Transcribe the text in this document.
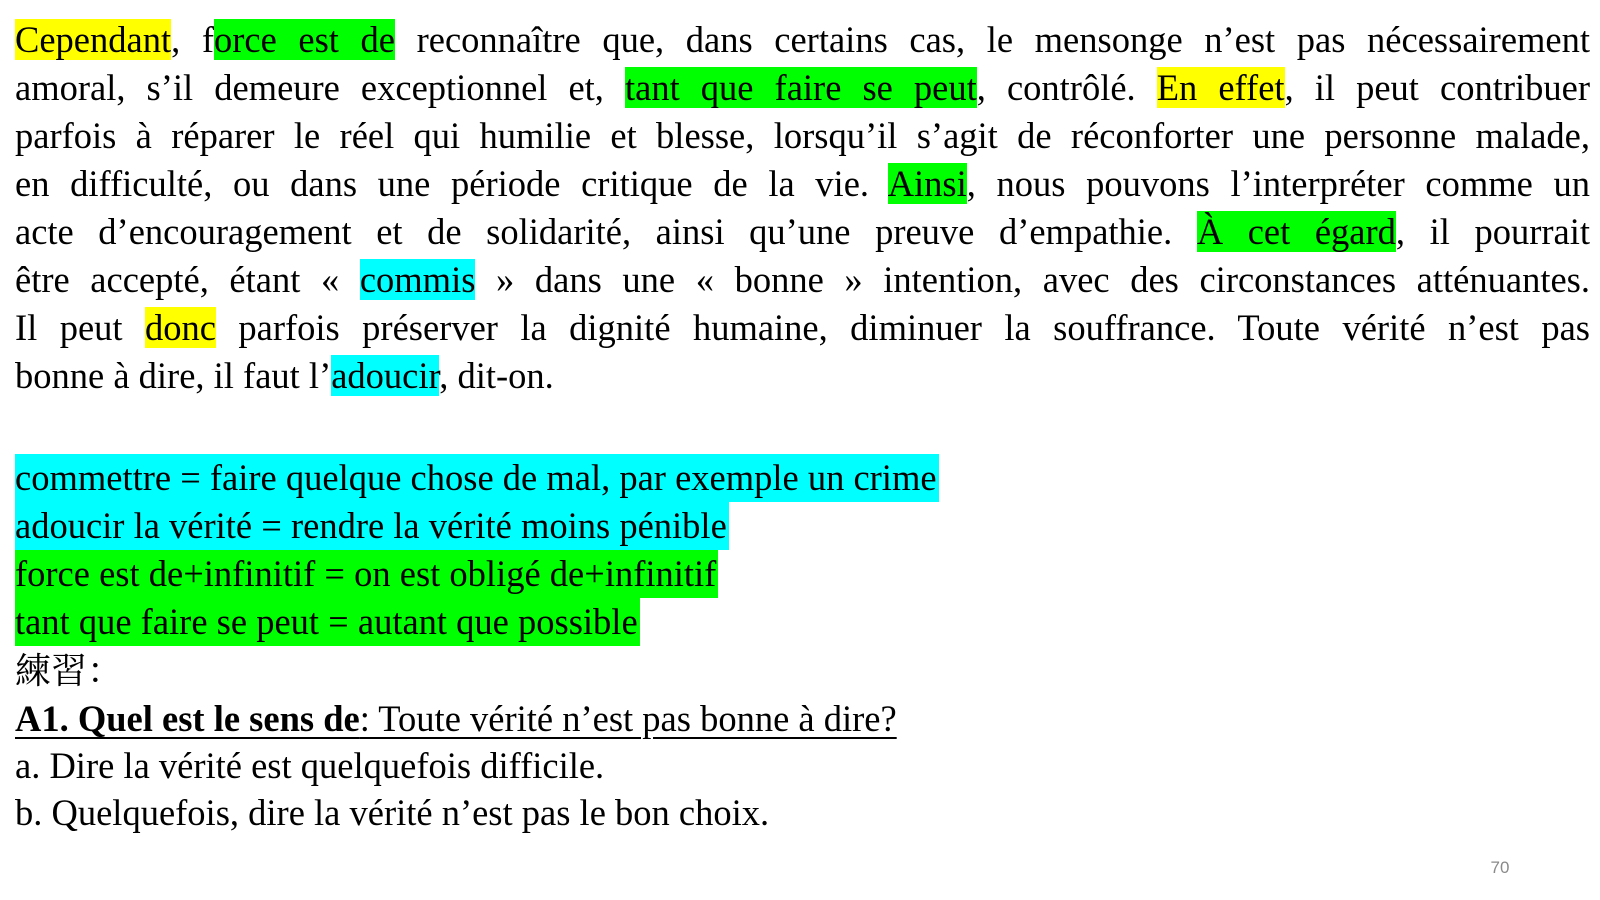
Cependant, force est de reconnaître que, dans certains cas, le mensonge n’est pas nécessairement
amoral, s’il demeure exceptionnel et, tant que faire se peut, contrôlé. En effet, il peut contribuer
parfois à réparer le réel qui humilie et blesse, lorsqu’il s’agit de réconforter une personne malade,
en difficulté, ou dans une période critique de la vie. Ainsi, nous pouvons l’interpréter comme un
acte d’encouragement et de solidarité, ainsi qu’une preuve d’empathie. À cet égard, il pourrait
être accepté, étant « commis » dans une « bonne » intention, avec des circonstances atténuantes.
Il peut donc parfois préserver la dignité humaine, diminuer la souffrance. Toute vérité n’est pas
bonne à dire, il faut l’adoucir, dit-on.
commettre = faire quelque chose de mal, par exemple un crime
adoucir la vérité = rendre la vérité moins pénible
force est de+infinitif = on est obligé de+infinitif
tant que faire se peut = autant que possible
練習：
A1. Quel est le sens de: Toute vérité n’est pas bonne à dire?
a. Dire la vérité est quelquefois difficile.
b. Quelquefois, dire la vérité n’est pas le bon choix.
70
